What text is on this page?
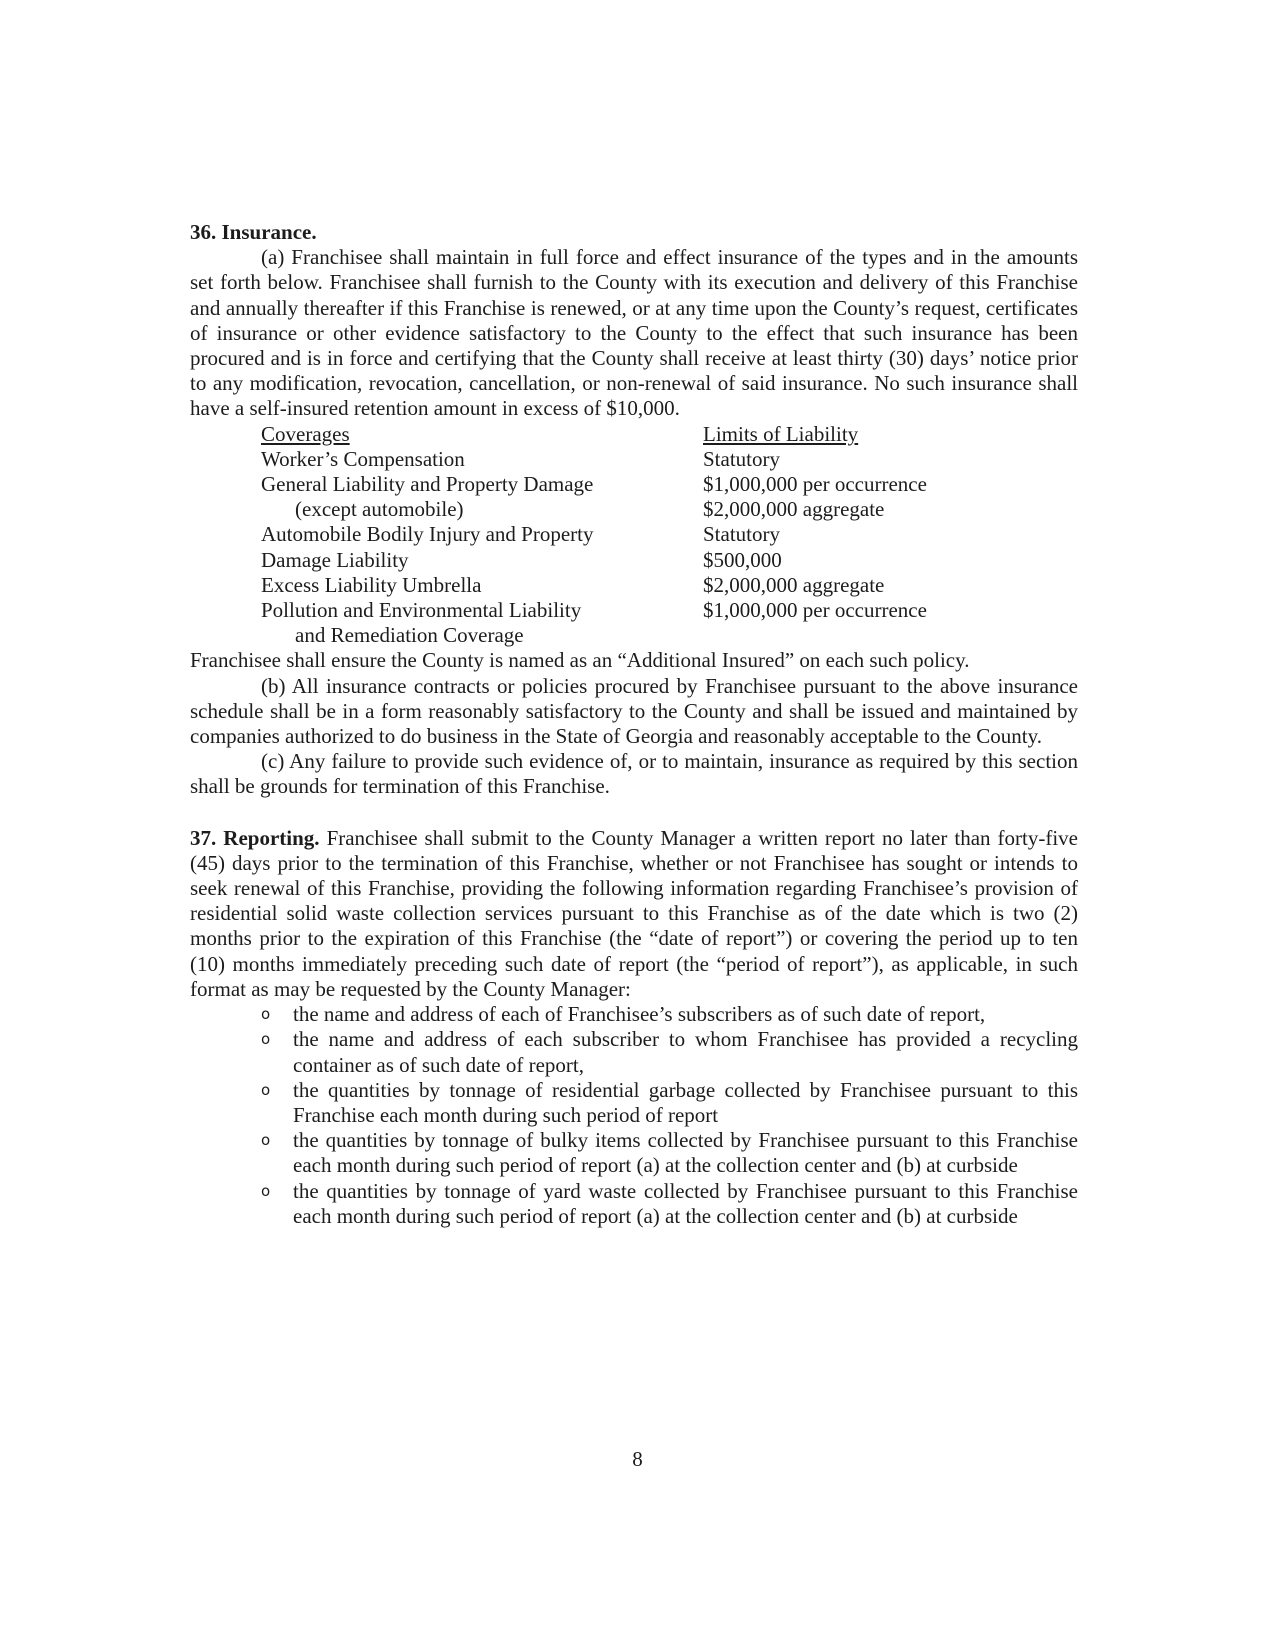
36. Insurance.

(a) Franchisee shall maintain in full force and effect insurance of the types and in the amounts set forth below. Franchisee shall furnish to the County with its execution and delivery of this Franchise and annually thereafter if this Franchise is renewed, or at any time upon the County’s request, certificates of insurance or other evidence satisfactory to the County to the effect that such insurance has been procured and is in force and certifying that the County shall receive at least thirty (30) days’ notice prior to any modification, revocation, cancellation, or non-renewal of said insurance. No such insurance shall have a self-insured retention amount in excess of $10,000.

Coverages	Limits of Liability
Worker’s Compensation	Statutory
General Liability and Property Damage	$1,000,000 per occurrence
(except automobile)	$2,000,000 aggregate
Automobile Bodily Injury and Property	Statutory
Damage Liability	$500,000
Excess Liability Umbrella	$2,000,000 aggregate
Pollution and Environmental Liability	$1,000,000 per occurrence
and Remediation Coverage	

Franchisee shall ensure the County is named as an “Additional Insured” on each such policy.

(b) All insurance contracts or policies procured by Franchisee pursuant to the above insurance schedule shall be in a form reasonably satisfactory to the County and shall be issued and maintained by companies authorized to do business in the State of Georgia and reasonably acceptable to the County.

(c) Any failure to provide such evidence of, or to maintain, insurance as required by this section shall be grounds for termination of this Franchise.

37. Reporting. Franchisee shall submit to the County Manager a written report no later than forty-five (45) days prior to the termination of this Franchise, whether or not Franchisee has sought or intends to seek renewal of this Franchise, providing the following information regarding Franchisee’s provision of residential solid waste collection services pursuant to this Franchise as of the date which is two (2) months prior to the expiration of this Franchise (the “date of report”) or covering the period up to ten (10) months immediately preceding such date of report (the “period of report”), as applicable, in such format as may be requested by the County Manager:

o the name and address of each of Franchisee’s subscribers as of such date of report,
o the name and address of each subscriber to whom Franchisee has provided a recycling container as of such date of report,
o the quantities by tonnage of residential garbage collected by Franchisee pursuant to this Franchise each month during such period of report
o the quantities by tonnage of bulky items collected by Franchisee pursuant to this Franchise each month during such period of report (a) at the collection center and (b) at curbside
o the quantities by tonnage of yard waste collected by Franchisee pursuant to this Franchise each month during such period of report (a) at the collection center and (b) at curbside
8
